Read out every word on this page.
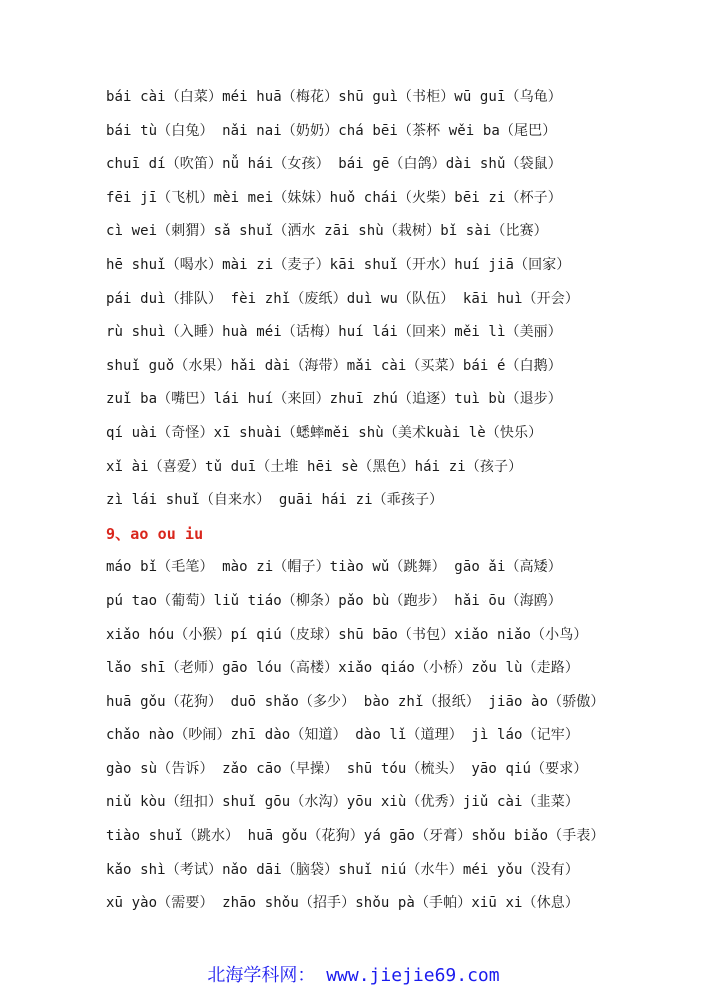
bái cài（白菜）méi huā（梅花）shū guì（书柜）wū guī（乌龟）
bái tù（白兔） nǎi nai（奶奶）chá bēi（茶杯 wěi ba（尾巴）
chuī dí（吹笛）nǚ hái（女孩） bái gē（白鸽）dài shǔ（袋鼠）
fēi jī（飞机）mèi mei（妹妹）huǒ chái（火柴）bēi zi（杯子）
cì wei（刺猬）sǎ shuǐ（洒水 zāi shù（栽树）bǐ sài（比赛）
hē shuǐ（喝水）mài zi（麦子）kāi shuǐ（开水）huí jiā（回家）
pái duì（排队） fèi zhǐ（废纸）duì wu（队伍） kāi huì（开会）
rù shuì（入睡）huà méi（话梅）huí lái（回来）měi lì（美丽）
shuǐ guǒ（水果）hǎi dài（海带）mǎi cài（买菜）bái é（白鹅）
zuǐ ba（嘴巴）lái huí（来回）zhuī zhú（追逐）tuì bù（退步）
qí uài（奇怪）xī shuài（蟋蟀měi shù（美术kuài lè（快乐）
xǐ ài（喜爱）tǔ duī（土堆 hēi sè（黑色）hái zi（孩子）
zì lái shuǐ（自来水） guāi hái zi（乖孩子）
9、ao ou iu
máo bǐ（毛笔） mào zi（帽子）tiào wǔ（跳舞） gāo ǎi（高矮）
pú tao（葡萄）liǔ tiáo（柳条）pǎo bù（跑步） hǎi ōu（海鸥）
xiǎo hóu（小猴）pí qiú（皮球）shū bāo（书包）xiǎo niǎo（小鸟）
lǎo shī（老师）gāo lóu（高楼）xiǎo qiáo（小桥）zǒu lù（走路）
huā gǒu（花狗） duō shǎo（多少） bào zhǐ（报纸） jiāo ào（骄傲）
chǎo nào（吵闹）zhī dào（知道） dào lǐ（道理） jì láo（记牢）
gào sù（告诉） zǎo cāo（早操） shū tóu（梳头） yāo qiú（要求）
niǔ kòu（纽扣）shuǐ gōu（水沟）yōu xiù（优秀）jiǔ cài（韭菜）
tiào shuǐ（跳水） huā gǒu（花狗）yá gāo（牙膏）shǒu biǎo（手表）
kǎo shì（考试）nǎo dāi（脑袋）shuǐ niú（水牛）méi yǒu（没有）
xū yào（需要） zhāo shǒu（招手）shǒu pà（手帕）xiū xi（休息）
北海学科网： www.jiejie69.com
